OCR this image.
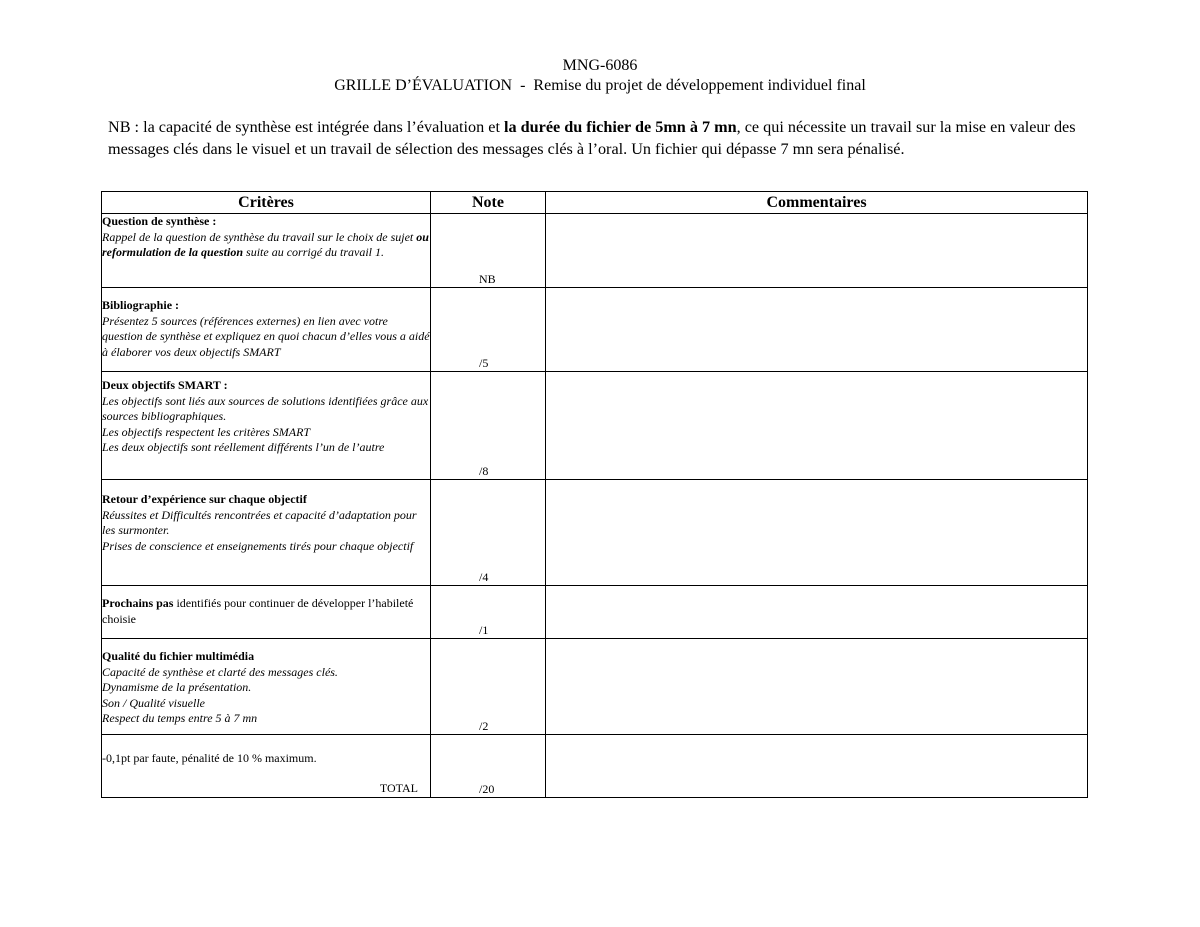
MNG-6086
GRILLE D’ÉVALUATION  -  Remise du projet de développement individuel final
NB : la capacité de synthèse est intégrée dans l’évaluation et la durée du fichier de 5mn à 7 mn, ce qui nécessite un travail sur la mise en valeur des messages clés dans le visuel et un travail de sélection des messages clés à l’oral. Un fichier qui dépasse 7 mn sera pénalisé.
Critères	Note	Commentaires

Question de synthèse :
Rappel de la question de synthèse du travail sur le choix de sujet ou reformulation de la question suite au corrigé du travail 1.	NB	

Bibliographie :
Présentez 5 sources (références externes) en lien avec votre question de synthèse et expliquez en quoi chacun d’elles vous a aidé à élaborer vos deux objectifs SMART	/5	

Deux objectifs SMART :
Les objectifs sont liés aux sources de solutions identifiées grâce aux sources bibliographiques.
Les objectifs respectent les critères SMART
Les deux objectifs sont réellement différents l’un de l’autre	/8	

Retour d’expérience sur chaque objectif
Réussites et Difficultés rencontrées et capacité d’adaptation pour les surmonter.
Prises de conscience et enseignements tirés pour chaque objectif	/4	

Prochains pas identifiés pour continuer de développer l’habileté choisie	/1	

Qualité du fichier multimédia
Capacité de synthèse et clarté des messages clés.
Dynamisme de la présentation.
Son / Qualité visuelle
Respect du temps entre 5 à 7 mn	/2	

-0,1pt par faute, pénalité de 10 % maximum.
TOTAL	/20	
